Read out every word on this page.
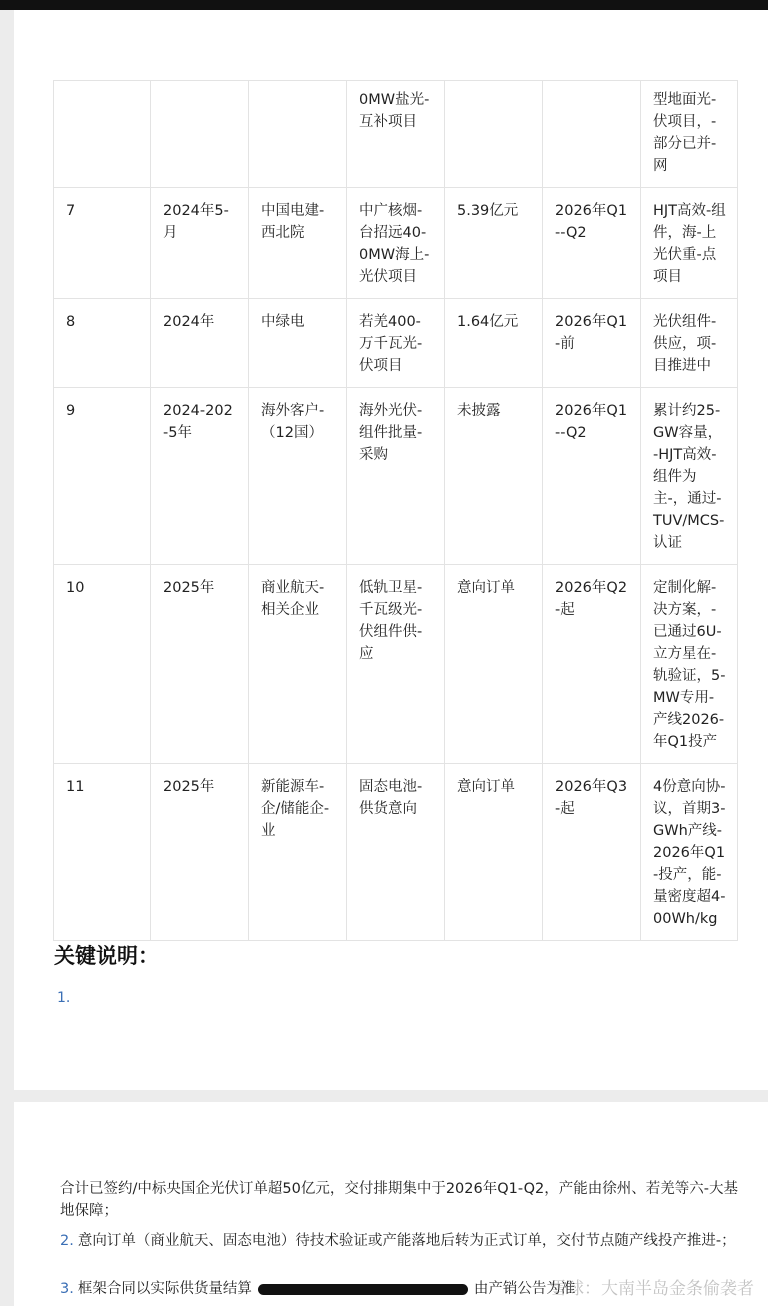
			0MW盐光-互补项目			型地面光-伏项目，-部分已并-网
7	2024年5-月	中国电建-西北院	中广核烟-台招远40-0MW海上-光伏项目	5.39亿元	2026年Q1--Q2	HJT高效-组件，海-上光伏重-点项目
8	2024年	中绿电	若羌400-万千瓦光-伏项目	1.64亿元	2026年Q1-前	光伏组件-供应，项-目推进中
9	2024-202-5年	海外客户-（12国）	海外光伏-组件批量-采购	未披露	2026年Q1--Q2	累计约25-GW容量，-HJT高效-组件为主-，通过-TUV/MCS-认证
10	2025年	商业航天-相关企业	低轨卫星-千瓦级光-伏组件供-应	意向订单	2026年Q2-起	定制化解-决方案，-已通过6U-立方星在-轨验证，5-MW专用-产线2026-年Q1投产
11	2025年	新能源车-企/储能企-业	固态电池-供货意向	意向订单	2026年Q3-起	4份意向协-议，首期3-GWh产线-2026年Q1-投产，能-量密度超4-00Wh/kg
关键说明：
1.
合计已签约/中标央国企光伏订单超50亿元，交付排期集中于2026年Q1-Q2，产能由徐州、若羌等六-大基地保障；
2. 意向订单（商业航天、固态电池）待技术验证或产能落地后转为正式订单，交付节点随产线投产推进-；
3. 框架合同以实际供货量结算	由产销公告为准
雪球：大南半岛金条偷袭者
